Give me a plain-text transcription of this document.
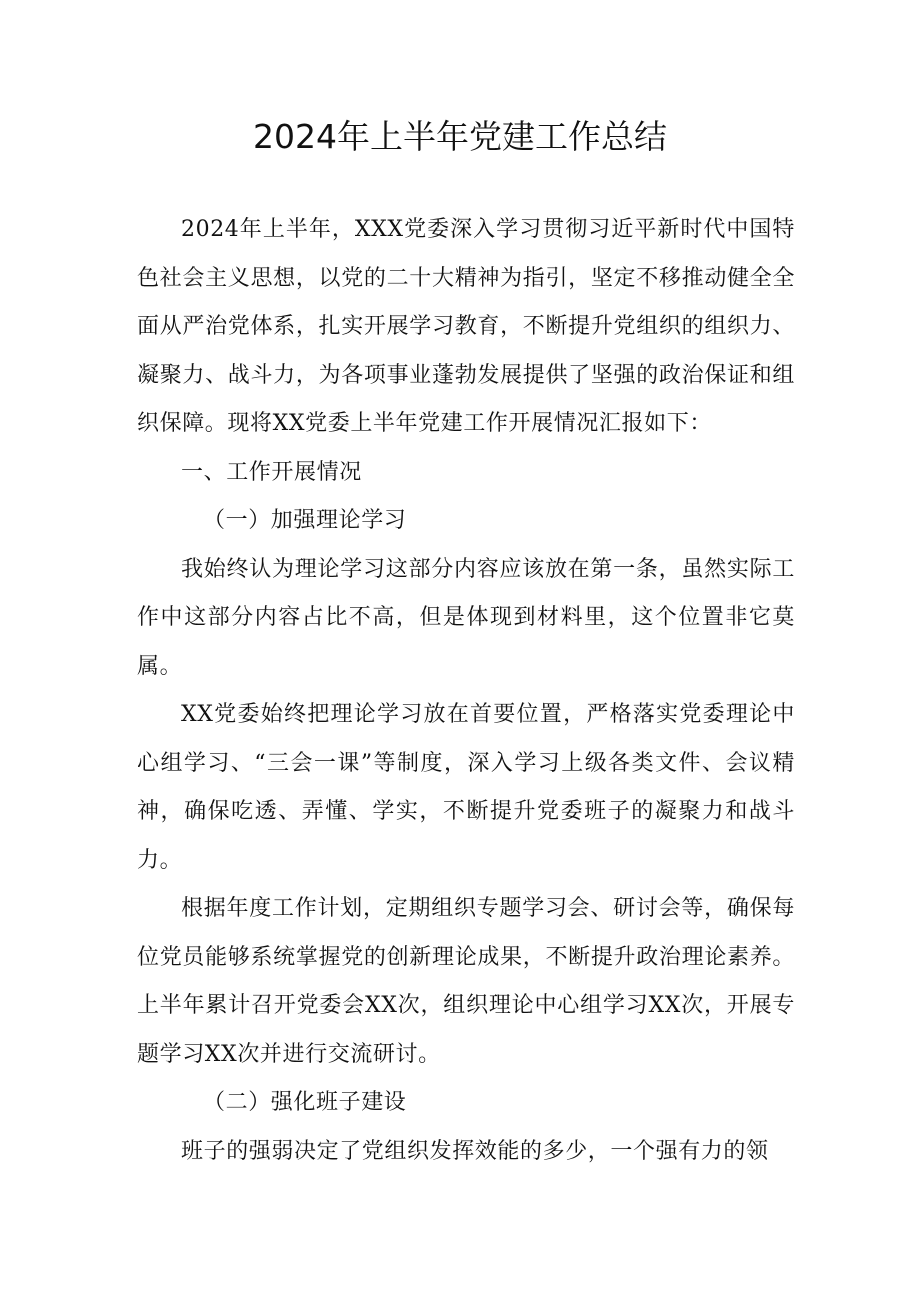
2024年上半年党建工作总结

2024年上半年，XXX党委深入学习贯彻习近平新时代中国特色社会主义思想，以党的二十大精神为指引，坚定不移推动健全全面从严治党体系，扎实开展学习教育，不断提升党组织的组织力、凝聚力、战斗力，为各项事业蓬勃发展提供了坚强的政治保证和组织保障。现将XX党委上半年党建工作开展情况汇报如下：

一、工作开展情况

（一）加强理论学习

我始终认为理论学习这部分内容应该放在第一条，虽然实际工作中这部分内容占比不高，但是体现到材料里，这个位置非它莫属。

XX党委始终把理论学习放在首要位置，严格落实党委理论中心组学习、“三会一课”等制度，深入学习上级各类文件、会议精神，确保吃透、弄懂、学实，不断提升党委班子的凝聚力和战斗力。

根据年度工作计划，定期组织专题学习会、研讨会等，确保每位党员能够系统掌握党的创新理论成果，不断提升政治理论素养。上半年累计召开党委会XX次，组织理论中心组学习XX次，开展专题学习XX次并进行交流研讨。

（二）强化班子建设

班子的强弱决定了党组织发挥效能的多少，一个强有力的领
